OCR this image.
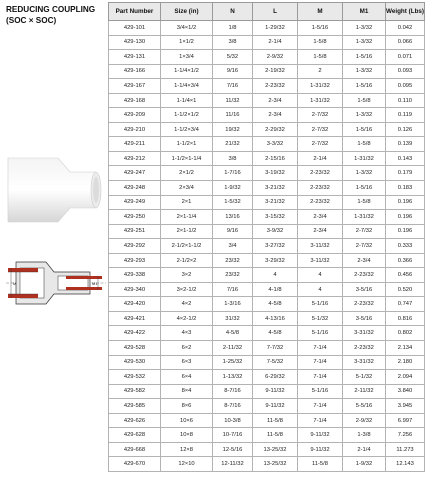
REDUCING COUPLING (SOC × SOC)
M	M1
Part Number	Size (in)	N	L	M	M1	Weight (Lbs)
429-101	3/4×1/2	1/8	1-29/32	1-5/16	1-3/32	0.042
429-130	1×1/2	3/8	2-1/4	1-5/8	1-3/32	0.066
429-131	1×3/4	5/32	2-9/32	1-5/8	1-5/16	0.071
429-166	1-1/4×1/2	9/16	2-19/32	2	1-3/32	0.093
429-167	1-1/4×3/4	7/16	2-23/32	1-31/32	1-5/16	0.095
429-168	1-1/4×1	11/32	2-3/4	1-31/32	1-5/8	0.110
429-209	1-1/2×1/2	11/16	2-3/4	2-7/32	1-3/32	0.119
429-210	1-1/2×3/4	19/32	2-29/32	2-7/32	1-5/16	0.126
429-211	1-1/2×1	21/32	3-3/32	2-7/32	1-5/8	0.139
429-212	1-1/2×1-1/4	3/8	2-15/16	2-1/4	1-31/32	0.143
429-247	2×1/2	1-7/16	3-19/32	2-23/32	1-3/32	0.179
429-248	2×3/4	1-9/32	3-21/32	2-23/32	1-5/16	0.183
429-249	2×1	1-5/32	3-21/32	2-23/32	1-5/8	0.196
429-250	2×1-1/4	13/16	3-15/32	2-3/4	1-31/32	0.196
429-251	2×1-1/2	9/16	3-9/32	2-3/4	2-7/32	0.196
429-292	2-1/2×1-1/2	3/4	3-27/32	3-11/32	2-7/32	0.333
429-293	2-1/2×2	23/32	3-29/32	3-11/32	2-3/4	0.366
429-338	3×2	23/32	4	4	2-23/32	0.456
429-340	3×2-1/2	7/16	4-1/8	4	3-5/16	0.520
429-420	4×2	1-3/16	4-5/8	5-1/16	2-23/32	0.747
429-421	4×2-1/2	31/32	4-13/16	5-1/32	3-5/16	0.816
429-422	4×3	4-5/8	4-5/8	5-1/16	3-31/32	0.802
429-528	6×2	2-11/32	7-7/32	7-1/4	2-23/32	2.134
429-530	6×3	1-25/32	7-5/32	7-1/4	3-31/32	2.180
429-532	6×4	1-13/32	6-29/32	7-1/4	5-1/32	2.094
429-582	8×4	8-7/16	9-11/32	5-1/16	2-11/32	3.840
429-585	8×6	8-7/16	9-11/32	7-1/4	5-5/16	3.945
429-626	10×6	10-3/8	11-5/8	7-1/4	2-9/32	6.997
429-628	10×8	10-7/16	11-5/8	9-11/32	1-3/8	7.256
429-668	12×8	12-5/16	13-25/32	9-11/32	2-1/4	11.273
429-670	12×10	12-11/32	13-25/32	11-5/8	1-9/32	12.143
